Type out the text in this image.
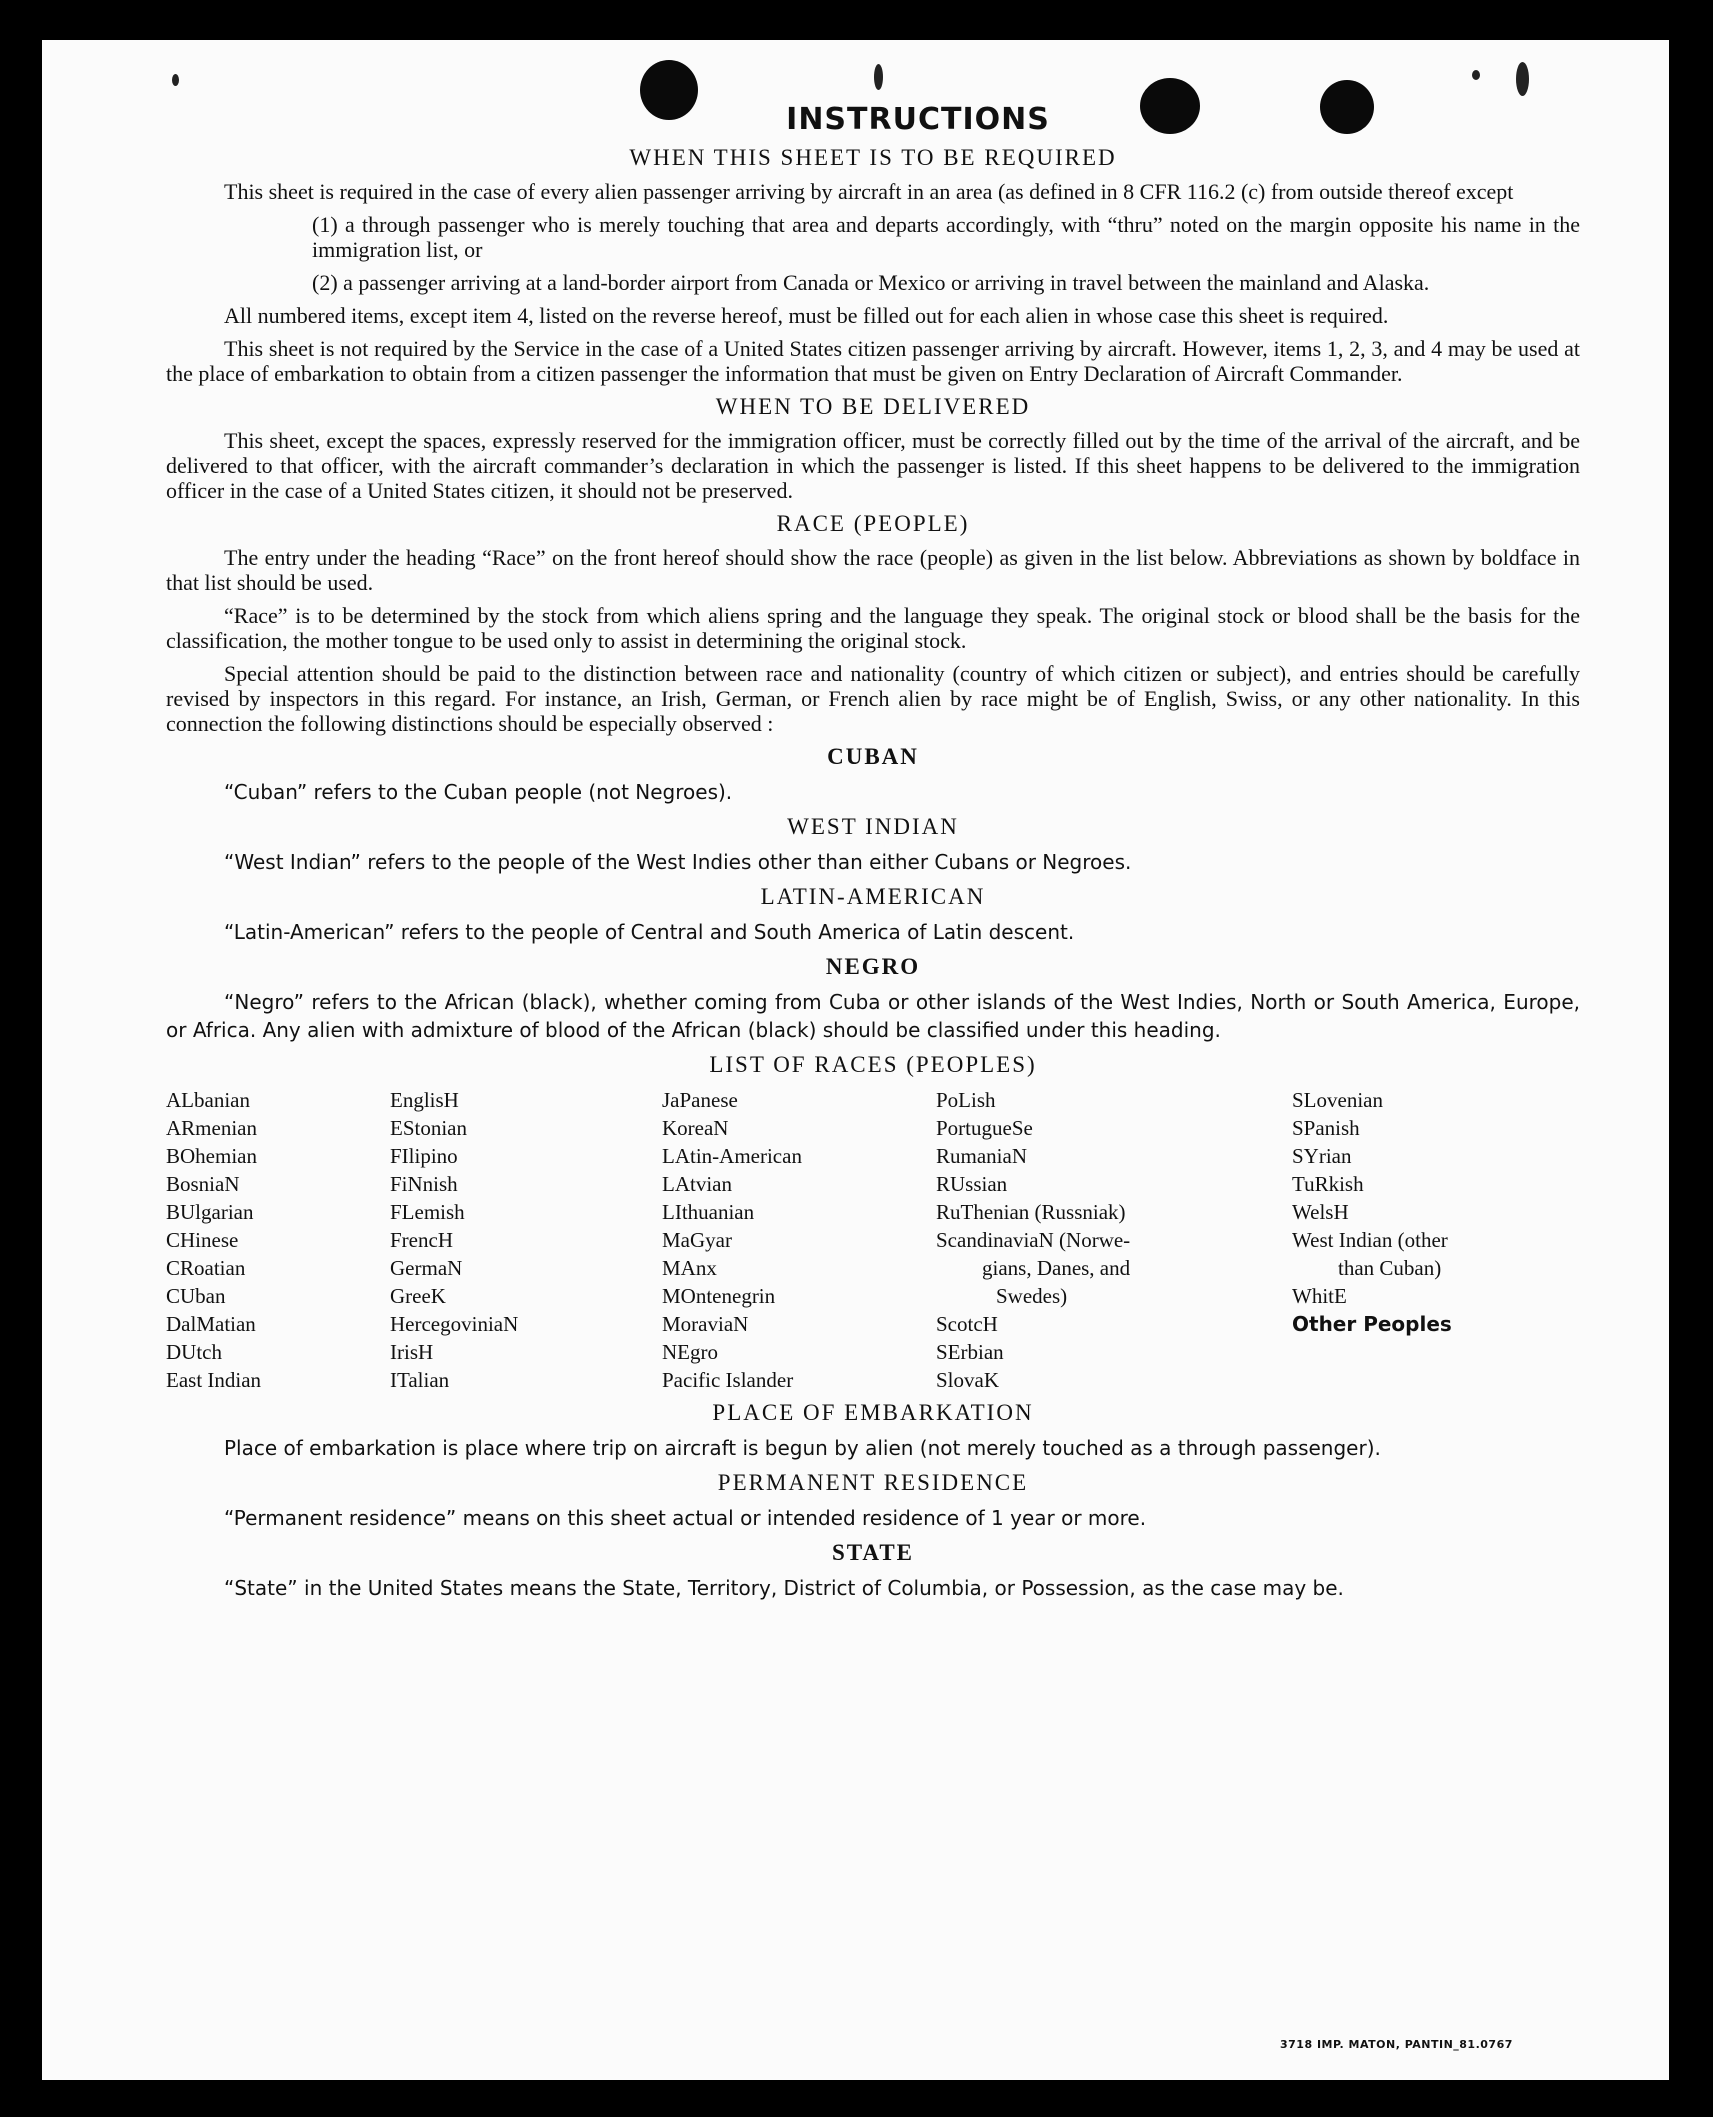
INSTRUCTIONS
WHEN THIS SHEET IS TO BE REQUIRED

This sheet is required in the case of every alien passenger arriving by aircraft in an area (as defined in 8 CFR 116.2 (c) from outside thereof except

(1) a through passenger who is merely touching that area and departs accordingly, with “thru” noted on the margin opposite his name in the immigration list, or

(2) a passenger arriving at a land-border airport from Canada or Mexico or arriving in travel between the mainland and Alaska.

All numbered items, except item 4, listed on the reverse hereof, must be filled out for each alien in whose case this sheet is required.

This sheet is not required by the Service in the case of a United States citizen passenger arriving by aircraft. However, items 1, 2, 3, and 4 may be used at the place of embarkation to obtain from a citizen passenger the information that must be given on Entry Declaration of Aircraft Commander.

WHEN TO BE DELIVERED

This sheet, except the spaces, expressly reserved for the immigration officer, must be correctly filled out by the time of the arrival of the aircraft, and be delivered to that officer, with the aircraft commander’s declaration in which the passenger is listed. If this sheet happens to be delivered to the immigration officer in the case of a United States citizen, it should not be preserved.

RACE (PEOPLE)

The entry under the heading “Race” on the front hereof should show the race (people) as given in the list below. Abbreviations as shown by boldface in that list should be used.

“Race” is to be determined by the stock from which aliens spring and the language they speak. The original stock or blood shall be the basis for the classification, the mother tongue to be used only to assist in determining the original stock.

Special attention should be paid to the distinction between race and nationality (country of which citizen or subject), and entries should be carefully revised by inspectors in this regard. For instance, an Irish, German, or French alien by race might be of English, Swiss, or any other nationality. In this connection the following distinctions should be especially observed :

CUBAN

“Cuban” refers to the Cuban people (not Negroes).

WEST INDIAN

“West Indian” refers to the people of the West Indies other than either Cubans or Negroes.

LATIN-AMERICAN

“Latin-American” refers to the people of Central and South America of Latin descent.

NEGRO

“Negro” refers to the African (black), whether coming from Cuba or other islands of the West Indies, North or South America, Europe, or Africa. Any alien with admixture of blood of the African (black) should be classified under this heading.

LIST OF RACES (PEOPLES)
ALbanian
ARmenian
BOhemian
BosniaN
BUlgarian
CHinese
CRoatian
CUban
DalMatian
DUtch
East Indian
EnglisH
EStonian
FIlipino
FiNnish
FLemish
FrencH
GermaN
GreeK
HercegoviniaN
IrisH
ITalian
JaPanese
KoreaN
LAtin-American
LAtvian
LIthuanian
MaGyar
MAnx
MOntenegrin
MoraviaN
NEgro
Pacific Islander
PoLish
PortugueSe
RumaniaN
RUssian
RuThenian (Russniak)
ScandinaviaN (Norwe-
gians, Danes, and
Swedes)
ScotcH
SErbian
SlovaK
SLovenian
SPanish
SYrian
TuRkish
WelsH
West Indian (other
than Cuban)
WhitE
Other Peoples
PLACE OF EMBARKATION

Place of embarkation is place where trip on aircraft is begun by alien (not merely touched as a through passenger).

PERMANENT RESIDENCE

“Permanent residence” means on this sheet actual or intended residence of 1 year or more.

STATE

“State” in the United States means the State, Territory, District of Columbia, or Possession, as the case may be.

3718 IMP. MATON, PANTIN_81.0767
